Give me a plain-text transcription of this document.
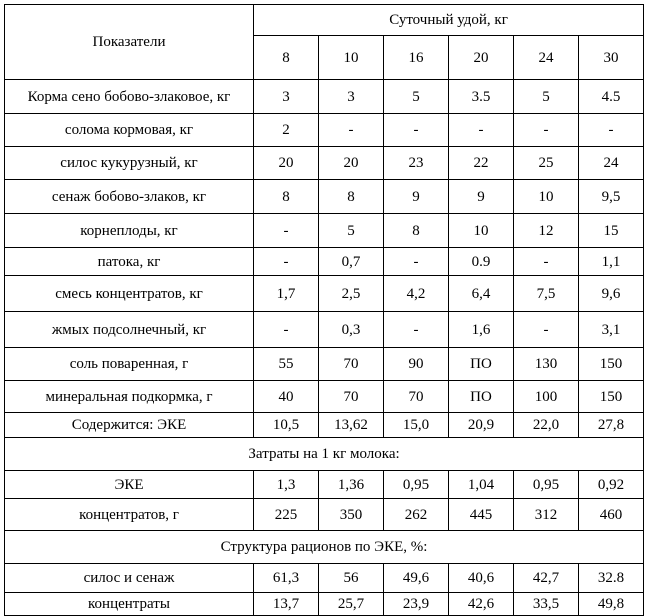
Показатели	Суточный удой, кг					
	8	10	16	20	24	30
Корма сено бобово-злаковое, кг	3	3	5	3.5	5	4.5
солома кормовая, кг	2	-	-	-	-	-
силос кукурузный, кг	20	20	23	22	25	24
сенаж бобово-злаков, кг	8	8	9	9	10	9,5
корнеплоды, кг	-	5	8	10	12	15
патока, кг	-	0,7	-	0.9	-	1,1
смесь концентратов, кг	1,7	2,5	4,2	6,4	7,5	9,6
жмых подсолнечный, кг	-	0,3	-	1,6	-	3,1
соль поваренная, г	55	70	90	ПО	130	150
минеральная подкормка, г	40	70	70	ПО	100	150
Содержится: ЭКЕ	10,5	13,62	15,0	20,9	22,0	27,8
Затраты на 1 кг молока:						
ЭКЕ	1,3	1,36	0,95	1,04	0,95	0,92
концентратов, г	225	350	262	445	312	460
Структура рационов по ЭКЕ, %:						
силос и сенаж	61,3	56	49,6	40,6	42,7	32.8
концентраты	13,7	25,7	23,9	42,6	33,5	49,8
